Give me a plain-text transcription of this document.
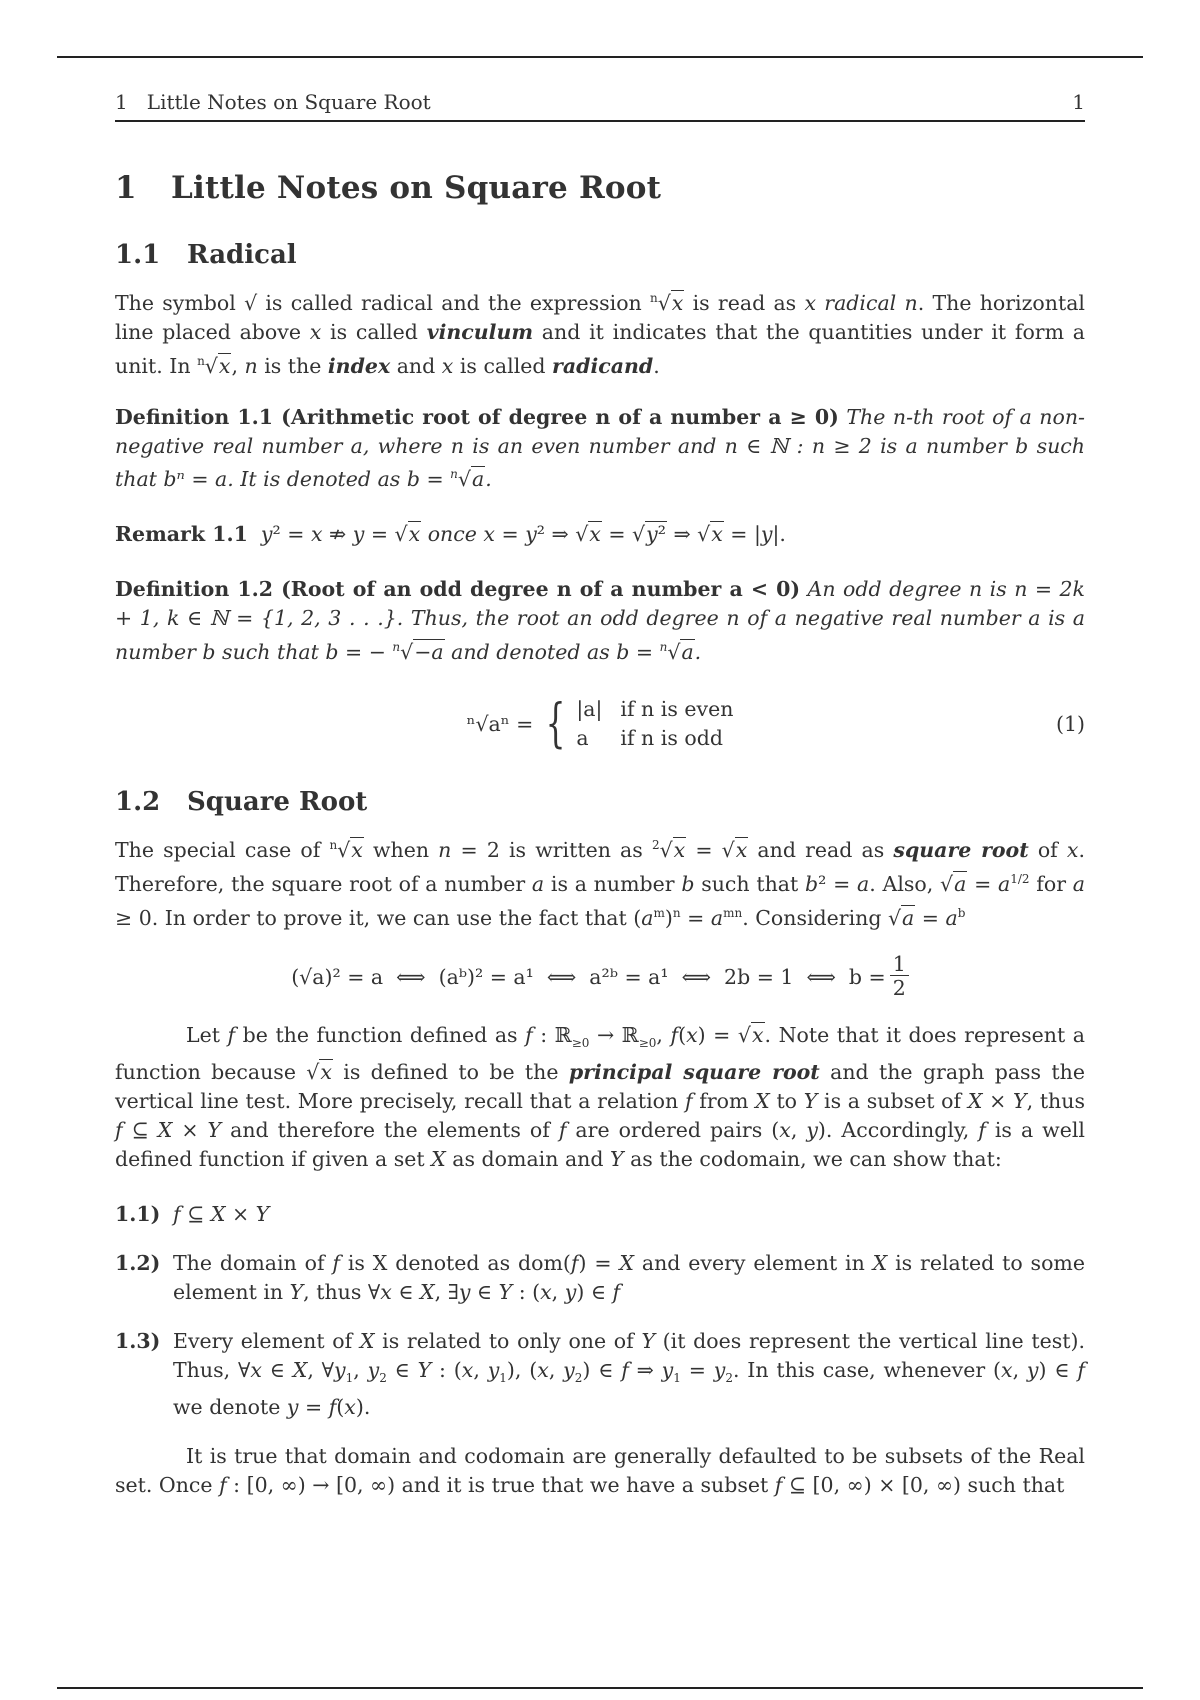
1   Little Notes on Square Root	1
1 Little Notes on Square Root
1.1 Radical

The symbol √ is called radical and the expression $^n$√x is read as x radical n. The horizontal line placed above x is called vinculum and it indicates that the quantities under it form a unit. In $^n$√x, n is the index and x is called radicand.

Definition 1.1 (Arithmetic root of degree n of a number a ≥ 0) The n-th root of a non-negative real number a, where n is an even number and n ∈ ℕ : n ≥ 2 is a number b such that bⁿ = a. It is denoted as b = $^n$√a.

Remark 1.1 y² = x ⇏ y = √x once x = y² ⇒ √x = √y² ⇒ √x = |y|.

Definition 1.2 (Root of an odd degree n of a number a < 0) An odd degree n is n = 2k + 1, k ∈ ℕ = {1, 2, 3 . . .}. Thus, the root an odd degree n of a negative real number a is a number b such that b = − $^n$√−a and denoted as b = $^n$√a.

ⁿ√aⁿ = { |a| if n is even
a	if n is odd
(1)
1.2 Square Root

The special case of $^n$√x when n = 2 is written as $^2$√x = √x and read as square root of x. Therefore, the square root of a number a is a number b such that b² = a. Also, $√a = a^{1/2}$ for a ≥ 0. In order to prove it, we can use the fact that $(a^m)^n = a^{mn}$. Considering $√a = a^b$

(√a)² = a  ⟺  (aᵇ)² = a¹  ⟺  a²ᵇ = a¹  ⟺  2b = 1  ⟺  $b = \frac{1}{2}$

Let f be the function defined as f : ℝ$_{\ge 0}$ → ℝ$_{\ge 0}$, f(x) = √x. Note that it does represent a function because √x is defined to be the principal square root and the graph pass the vertical line test. More precisely, recall that a relation f from X to Y is a subset of X × Y, thus f ⊆ X × Y and therefore the elements of f are ordered pairs (x, y). Accordingly, f is a well defined function if given a set X as domain and Y as the codomain, we can show that:

1.1) f ⊆ X × Y
1.2) The domain of f is X denoted as dom(f) = X and every element in X is related to some element in Y, thus ∀x ∈ X, ∃y ∈ Y : (x, y) ∈ f
1.3) Every element of X is related to only one of Y (it does represent the vertical line test). Thus, ∀x ∈ X, $\forall y_1$, $y_2$ ∈ Y : (x, $y_1$), (x, $y_2$) ∈ f ⇒ $y_1 = y_2$. In this case, whenever (x, y) ∈ f we denote y = f(x).

It is true that domain and codomain are generally defaulted to be subsets of the Real set. Once f : [0, ∞) → [0, ∞) and it is true that we have a subset f ⊆ [0, ∞) × [0, ∞) such that
